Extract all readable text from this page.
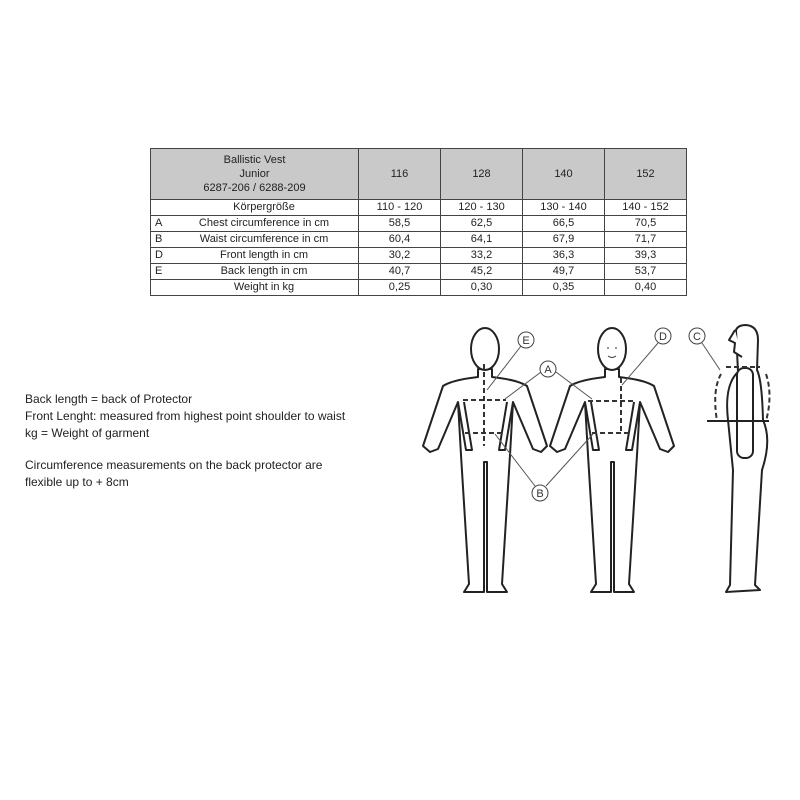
Ballistic Vest
Junior
6287-206 / 6288-209		116	128	140	152
	Körpergröße	110 - 120	120 - 130	130 - 140	140 - 152
A	Chest circumference in cm	58,5	62,5	66,5	70,5
B	Waist circumference in cm	60,4	64,1	67,9	71,7
D	Front length in cm	30,2	33,2	36,3	39,3
E	Back length in cm	40,7	45,2	49,7	53,7
	Weight in kg	0,25	0,30	0,35	0,40
A
B
C
D
E
Back length = back of Protector
Front Lenght: measured from highest point shoulder to waist
kg = Weight of garment
Circumference measurements on the back protector are
flexible up to + 8cm
